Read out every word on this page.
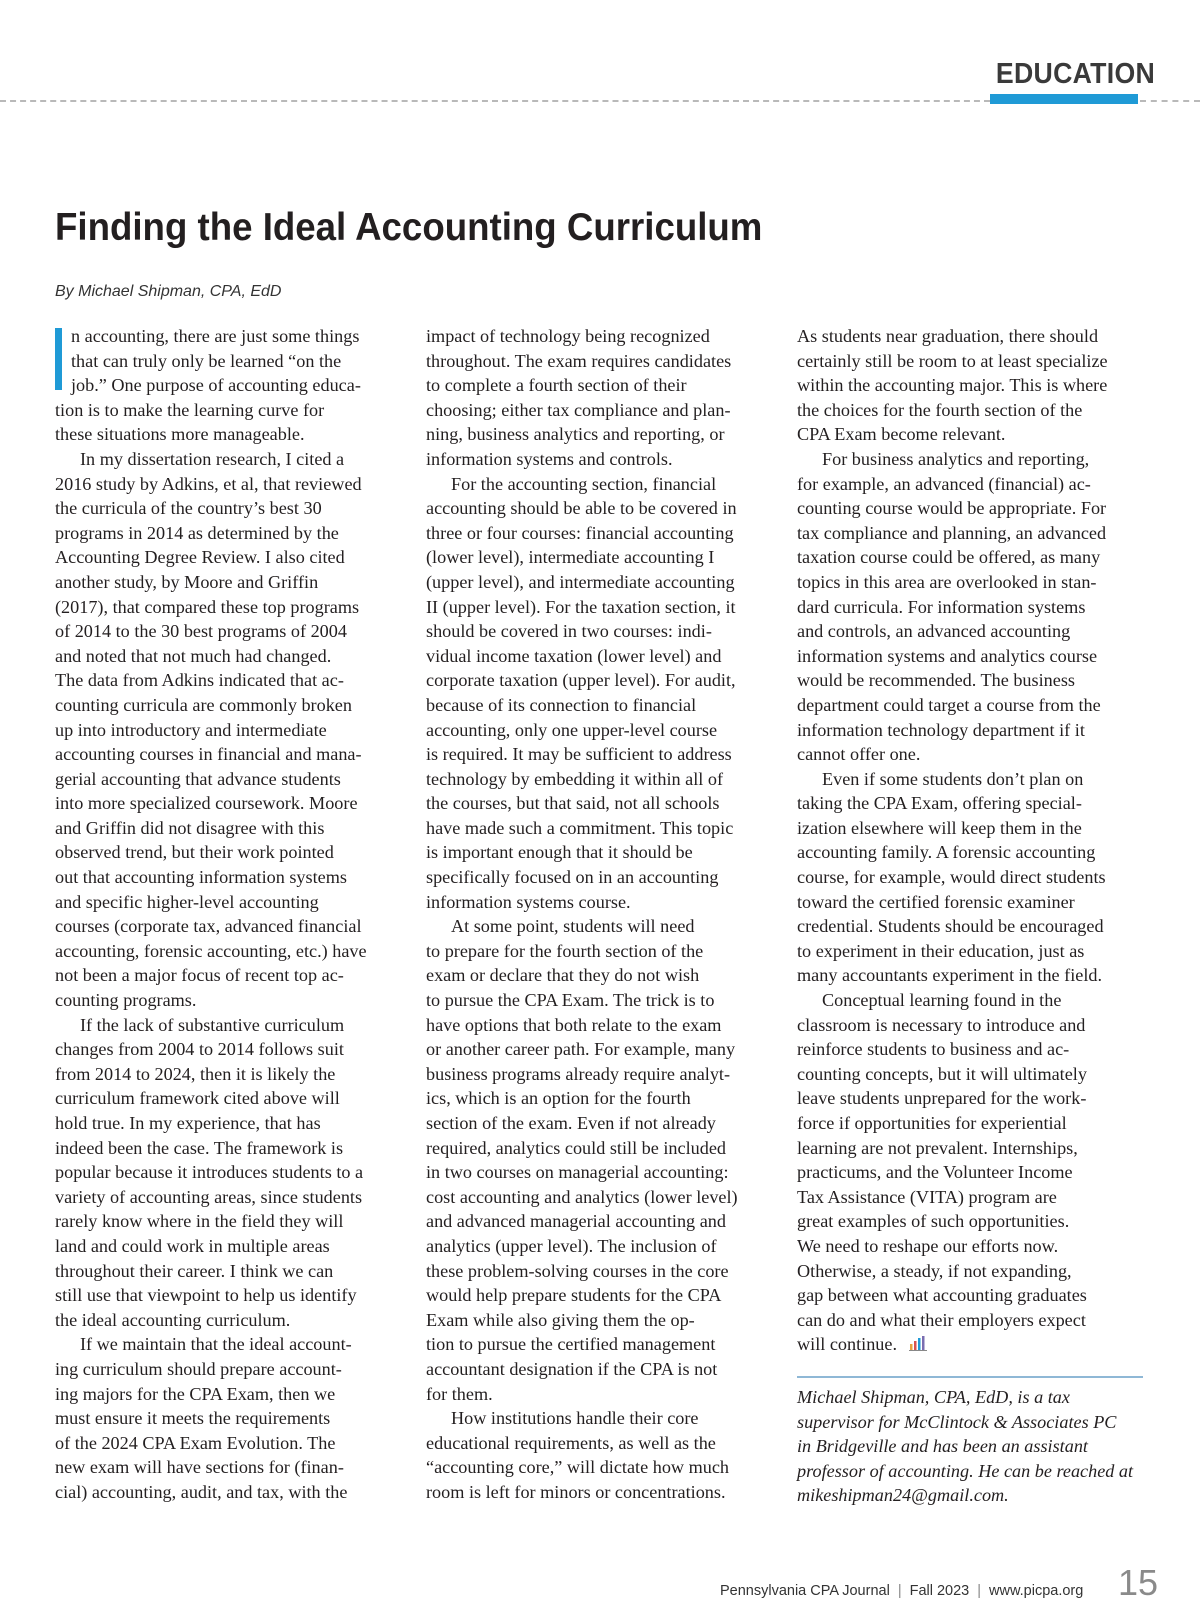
EDUCATION
Finding the Ideal Accounting Curriculum
By Michael Shipman, CPA, EdD
n accounting, there are just some things
that can truly only be learned “on the
job.” One purpose of accounting educa-
tion is to make the learning curve for
these situations more manageable.
In my dissertation research, I cited a
2016 study by Adkins, et al, that reviewed
the curricula of the country’s best 30
programs in 2014 as determined by the
Accounting Degree Review. I also cited
another study, by Moore and Griffin
(2017), that compared these top programs
of 2014 to the 30 best programs of 2004
and noted that not much had changed.
The data from Adkins indicated that ac-
counting curricula are commonly broken
up into introductory and intermediate
accounting courses in financial and mana-
gerial accounting that advance students
into more specialized coursework. Moore
and Griffin did not disagree with this
observed trend, but their work pointed
out that accounting information systems
and specific higher-level accounting
courses (corporate tax, advanced financial
accounting, forensic accounting, etc.) have
not been a major focus of recent top ac-
counting programs.
If the lack of substantive curriculum
changes from 2004 to 2014 follows suit
from 2014 to 2024, then it is likely the
curriculum framework cited above will
hold true. In my experience, that has
indeed been the case. The framework is
popular because it introduces students to a
variety of accounting areas, since students
rarely know where in the field they will
land and could work in multiple areas
throughout their career. I think we can
still use that viewpoint to help us identify
the ideal accounting curriculum.
If we maintain that the ideal account-
ing curriculum should prepare account-
ing majors for the CPA Exam, then we
must ensure it meets the requirements
of the 2024 CPA Exam Evolution. The
new exam will have sections for (finan-
cial) accounting, audit, and tax, with the
impact of technology being recognized
throughout. The exam requires candidates
to complete a fourth section of their
choosing; either tax compliance and plan-
ning, business analytics and reporting, or
information systems and controls.
For the accounting section, financial
accounting should be able to be covered in
three or four courses: financial accounting
(lower level), intermediate accounting I
(upper level), and intermediate accounting
II (upper level). For the taxation section, it
should be covered in two courses: indi-
vidual income taxation (lower level) and
corporate taxation (upper level). For audit,
because of its connection to financial
accounting, only one upper-level course
is required. It may be sufficient to address
technology by embedding it within all of
the courses, but that said, not all schools
have made such a commitment. This topic
is important enough that it should be
specifically focused on in an accounting
information systems course.
At some point, students will need
to prepare for the fourth section of the
exam or declare that they do not wish
to pursue the CPA Exam. The trick is to
have options that both relate to the exam
or another career path. For example, many
business programs already require analyt-
ics, which is an option for the fourth
section of the exam. Even if not already
required, analytics could still be included
in two courses on managerial accounting:
cost accounting and analytics (lower level)
and advanced managerial accounting and
analytics (upper level). The inclusion of
these problem-solving courses in the core
would help prepare students for the CPA
Exam while also giving them the op-
tion to pursue the certified management
accountant designation if the CPA is not
for them.
How institutions handle their core
educational requirements, as well as the
“accounting core,” will dictate how much
room is left for minors or concentrations.
As students near graduation, there should
certainly still be room to at least specialize
within the accounting major. This is where
the choices for the fourth section of the
CPA Exam become relevant.
For business analytics and reporting,
for example, an advanced (financial) ac-
counting course would be appropriate. For
tax compliance and planning, an advanced
taxation course could be offered, as many
topics in this area are overlooked in stan-
dard curricula. For information systems
and controls, an advanced accounting
information systems and analytics course
would be recommended. The business
department could target a course from the
information technology department if it
cannot offer one.
Even if some students don’t plan on
taking the CPA Exam, offering special-
ization elsewhere will keep them in the
accounting family. A forensic accounting
course, for example, would direct students
toward the certified forensic examiner
credential. Students should be encouraged
to experiment in their education, just as
many accountants experiment in the field.
Conceptual learning found in the
classroom is necessary to introduce and
reinforce students to business and ac-
counting concepts, but it will ultimately
leave students unprepared for the work-
force if opportunities for experiential
learning are not prevalent. Internships,
practicums, and the Volunteer Income
Tax Assistance (VITA) program are
great examples of such opportunities.
We need to reshape our efforts now.
Otherwise, a steady, if not expanding,
gap between what accounting graduates
can do and what their employers expect
will continue.
Michael Shipman, CPA, EdD, is a tax
supervisor for McClintock & Associates PC
in Bridgeville and has been an assistant
professor of accounting. He can be reached at
mikeshipman24@gmail.com.
Pennsylvania CPA Journal | Fall 2023 | www.picpa.org 15
